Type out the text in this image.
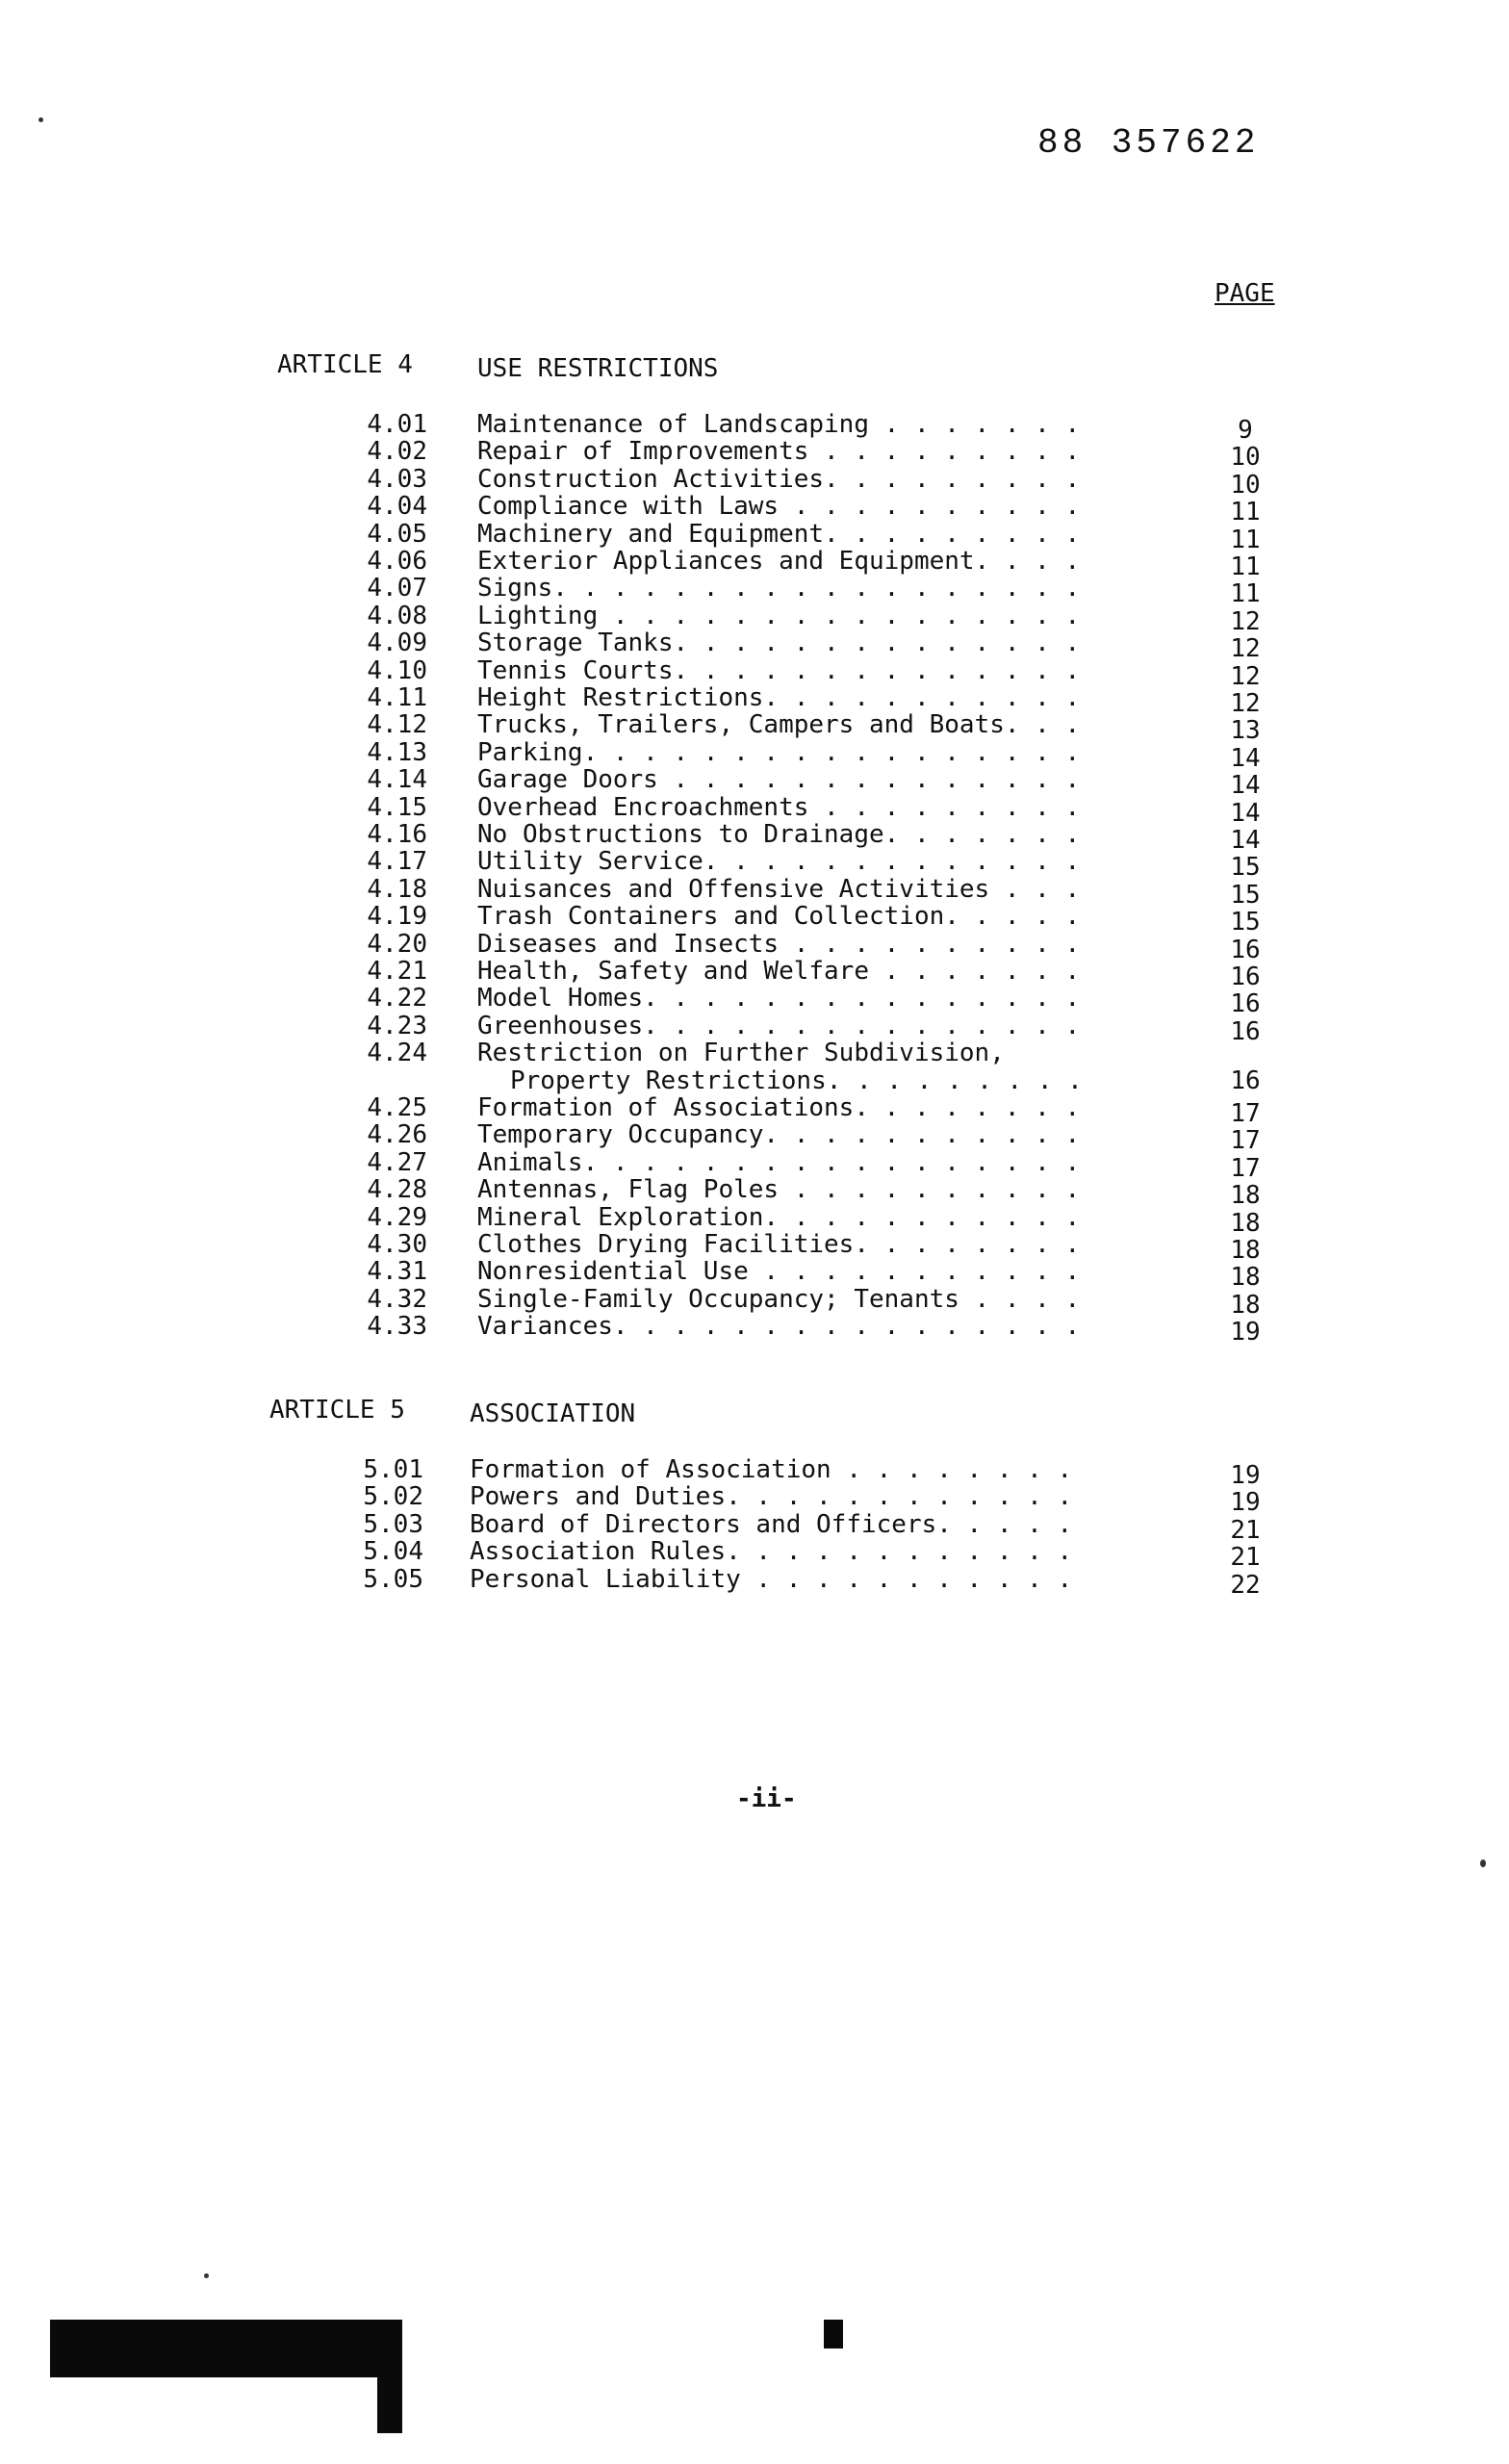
88 357622
PAGE
ARTICLE 4	USE RESTRICTIONS
4.01 Maintenance of Landscaping . . . . . . .	9
4.02 Repair of Improvements . . . . . . . . .	10
4.03 Construction Activities. . . . . . . . .	10
4.04 Compliance with Laws . . . . . . . . . .	11
4.05 Machinery and Equipment. . . . . . . . .	11
4.06 Exterior Appliances and Equipment. . . .	11
4.07 Signs. . . . . . . . . . . . . . . . . .	11
4.08 Lighting . . . . . . . . . . . . . . . .	12
4.09 Storage Tanks. . . . . . . . . . . . . .	12
4.10 Tennis Courts. . . . . . . . . . . . . .	12
4.11 Height Restrictions. . . . . . . . . . .	12
4.12 Trucks, Trailers, Campers and Boats. . .	13
4.13 Parking. . . . . . . . . . . . . . . . .	14
4.14 Garage Doors . . . . . . . . . . . . . .	14
4.15 Overhead Encroachments . . . . . . . . .	14
4.16 No Obstructions to Drainage. . . . . . .	14
4.17 Utility Service. . . . . . . . . . . . .	15
4.18 Nuisances and Offensive Activities . . .	15
4.19 Trash Containers and Collection. . . . .	15
4.20 Diseases and Insects . . . . . . . . . .	16
4.21 Health, Safety and Welfare . . . . . . .	16
4.22 Model Homes. . . . . . . . . . . . . . .	16
4.23 Greenhouses. . . . . . . . . . . . . . .	16
4.24 Restriction on Further Subdivision,
Property Restrictions. . . . . . . . .	16
4.25 Formation of Associations. . . . . . . .	17
4.26 Temporary Occupancy. . . . . . . . . . .	17
4.27 Animals. . . . . . . . . . . . . . . . .	17
4.28 Antennas, Flag Poles . . . . . . . . . .	18
4.29 Mineral Exploration. . . . . . . . . . .	18
4.30 Clothes Drying Facilities. . . . . . . .	18
4.31 Nonresidential Use . . . . . . . . . . .	18
4.32 Single-Family Occupancy; Tenants . . . .	18
4.33 Variances. . . . . . . . . . . . . . . .	19
ARTICLE 5	ASSOCIATION
5.01 Formation of Association . . . . . . . .	19
5.02 Powers and Duties. . . . . . . . . . . .	19
5.03 Board of Directors and Officers. . . . .	21
5.04 Association Rules. . . . . . . . . . . .	21
5.05 Personal Liability . . . . . . . . . . .	22
-ii-
